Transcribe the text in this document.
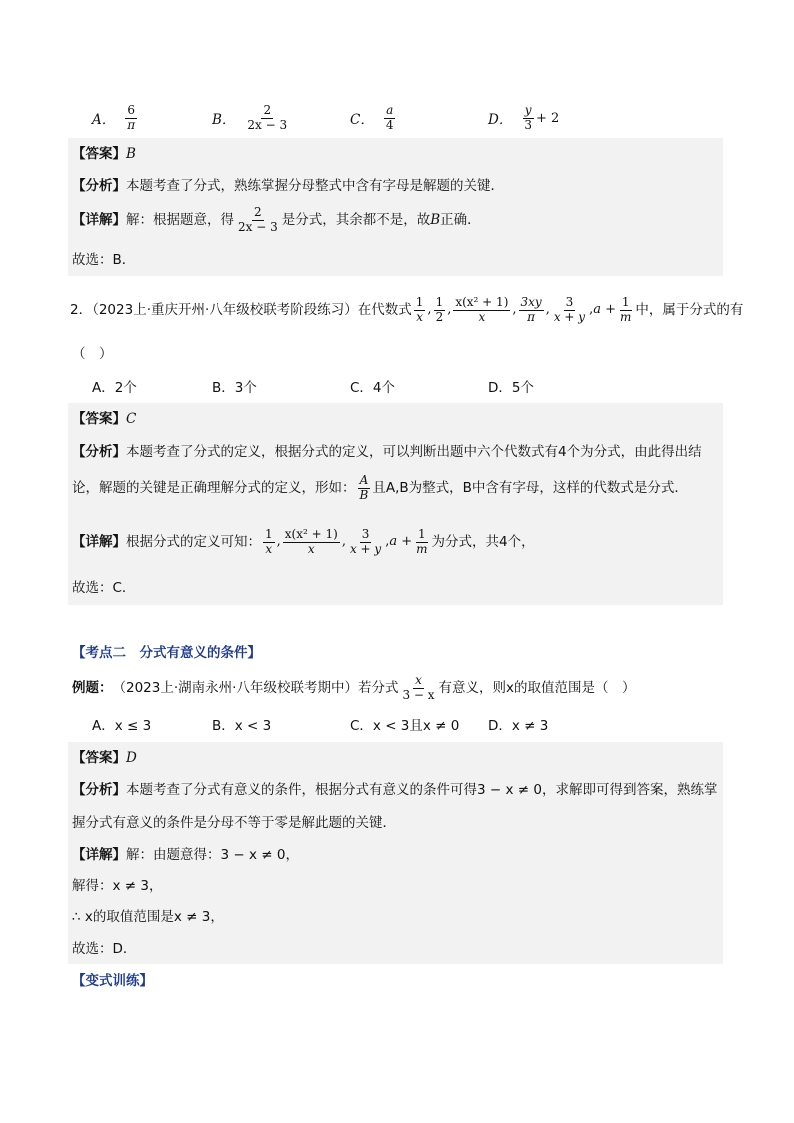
A． $\frac{6}{\pi}$	B． $\frac{2}{2x - 3}$	C． $\frac{a}{4}$	D． $\frac{y}{3} + 2$
【答案】B
【分析】本题考查了分式，熟练掌握分母整式中含有字母是解题的关键．
【详解】 解：根据题意，得 $\frac{2}{2x - 3}$ 是分式，其余都不是，故 B 正确．
故选：B．
2．（2023上·重庆开州·八年级校联考阶段练习）在代数式 $\frac{1}{x}$ , $\frac{1}{2}$ , $\frac{\text{x(x² + 1)}}{x}$ , $\frac{3xy}{\pi}$ , $\frac{3}{x + y}$ , $a + \frac{1}{m}$ 中，属于分式的有
（　）
A．2个	B．3个	C．4个	D．5个
【答案】C
【分析】本题考查了分式的定义，根据分式的定义，可以判断出题中六个代数式有4个为分式，由此得出结
论，解题的关键是正确理解分式的定义，形如： $\frac{A}{B}$ 且A,B为整式，B中含有字母，这样的代数式是分式．
【详解】 根据分式的定义可知： $\frac{1}{x}$ , $\frac{\text{x(x² + 1)}}{x}$ , $\frac{3}{x + y}$ , $a + \frac{1}{m}$ 为分式，共4个，
故选：C．
【考点二　分式有意义的条件】
例题： （2023上·湖南永州·八年级校联考期中）若分式 $\frac{x}{3 - x}$ 有意义，则x的取值范围是（　）
A．x ≤ 3	B．x < 3	C．x < 3且x ≠ 0 D．x ≠ 3
【答案】D
【分析】本题考查了分式有意义的条件，根据分式有意义的条件可得3 − x ≠ 0，求解即可得到答案，熟练掌
握分式有意义的条件是分母不等于零是解此题的关键．
【详解】解：由题意得：3 − x ≠ 0，
解得：x ≠ 3，
∴ x的取值范围是x ≠ 3，
故选：D．
【变式训练】
